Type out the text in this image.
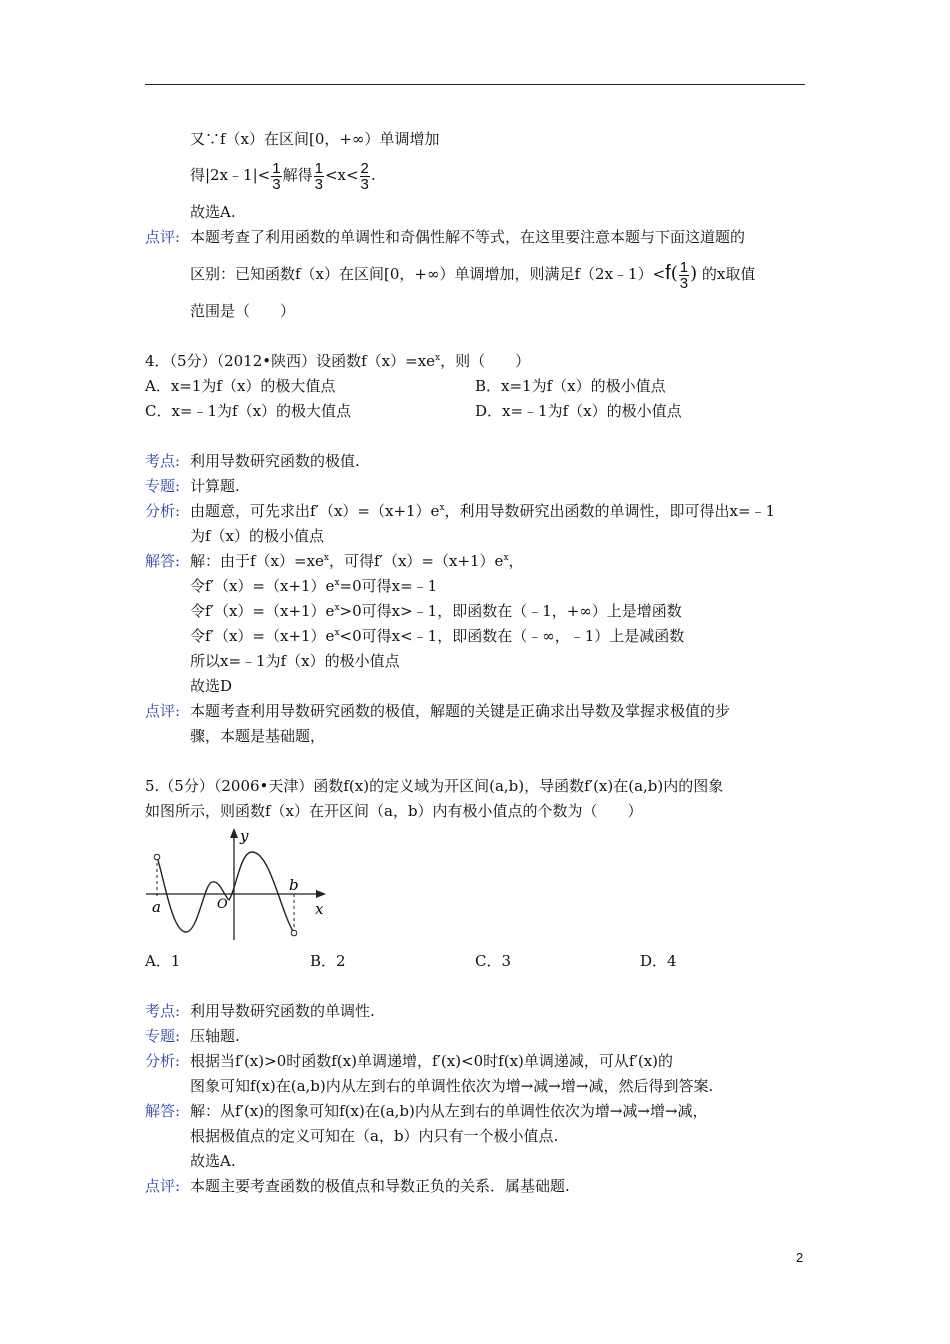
又∵f（x）在区间[0，+∞）单调增加
得|2x﹣1|< $\frac{1}{3}$ 解得 $\frac{1}{3} <x< \frac{2}{3}$ .
故选A.
点评: 本题考查了利用函数的单调性和奇偶性解不等式，在这里要注意本题与下面这道题的
区别：已知函数f（x）在区间[0，+∞）单调增加，则满足f（2x﹣1）<f( $\frac{1}{3}$ ) 的x取值
范围是（　　）
4．（5分）（2012•陕西）设函数$f(x)=xe^x$，则（　　）
A．x=1为f（x）的极大值点	B．x=1为f（x）的极小值点
C．x=﹣1为f（x）的极大值点	D．x=﹣1为f（x）的极小值点
考点: 利用导数研究函数的极值.
专题: 计算题.
分析: 由题意，可先求出$f'(x)=(x+1)e^x$，利用导数研究出函数的单调性，即可得出x=﹣1
为f（x）的极小值点
解答: 解：由于$f(x)=xe^x$，可得$f'(x)=(x+1)e^x$，
令$f'(x)=(x+1)e^x=0$可得x=﹣1
令$f'(x)=(x+1)e^x>0$可得x>﹣1，即函数在（﹣1，+∞）上是增函数
令$f'(x)=(x+1)e^x<0$可得x<﹣1，即函数在（﹣∞，﹣1）上是减函数
所以x=﹣1为f（x）的极小值点
故选D
点评: 本题考查利用导数研究函数的极值，解题的关键是正确求出导数及掌握求极值的步
骤，本题是基础题，
5.（5分）（2006•天津）函数f(x)的定义域为开区间(a,b)，导函数f′(x)在(a,b)内的图象
如图所示，则函数f（x）在开区间（a，b）内有极小值点的个数为（　　）
y
x
a	O
b
A．1	B．2	C．3	D．4
考点: 利用导数研究函数的单调性.
专题: 压轴题.
分析: 根据当f′(x)>0时函数f(x)单调递增，f′(x)<0时f(x)单调递减，可从f′(x)的
图象可知f(x)在(a,b)内从左到右的单调性依次为增→减→增→减，然后得到答案.
解答: 解：从f′(x)的图象可知f(x)在(a,b)内从左到右的单调性依次为增→减→增→减，
根据极值点的定义可知在（a，b）内只有一个极小值点.
故选A.
点评: 本题主要考查函数的极值点和导数正负的关系．属基础题.
2
